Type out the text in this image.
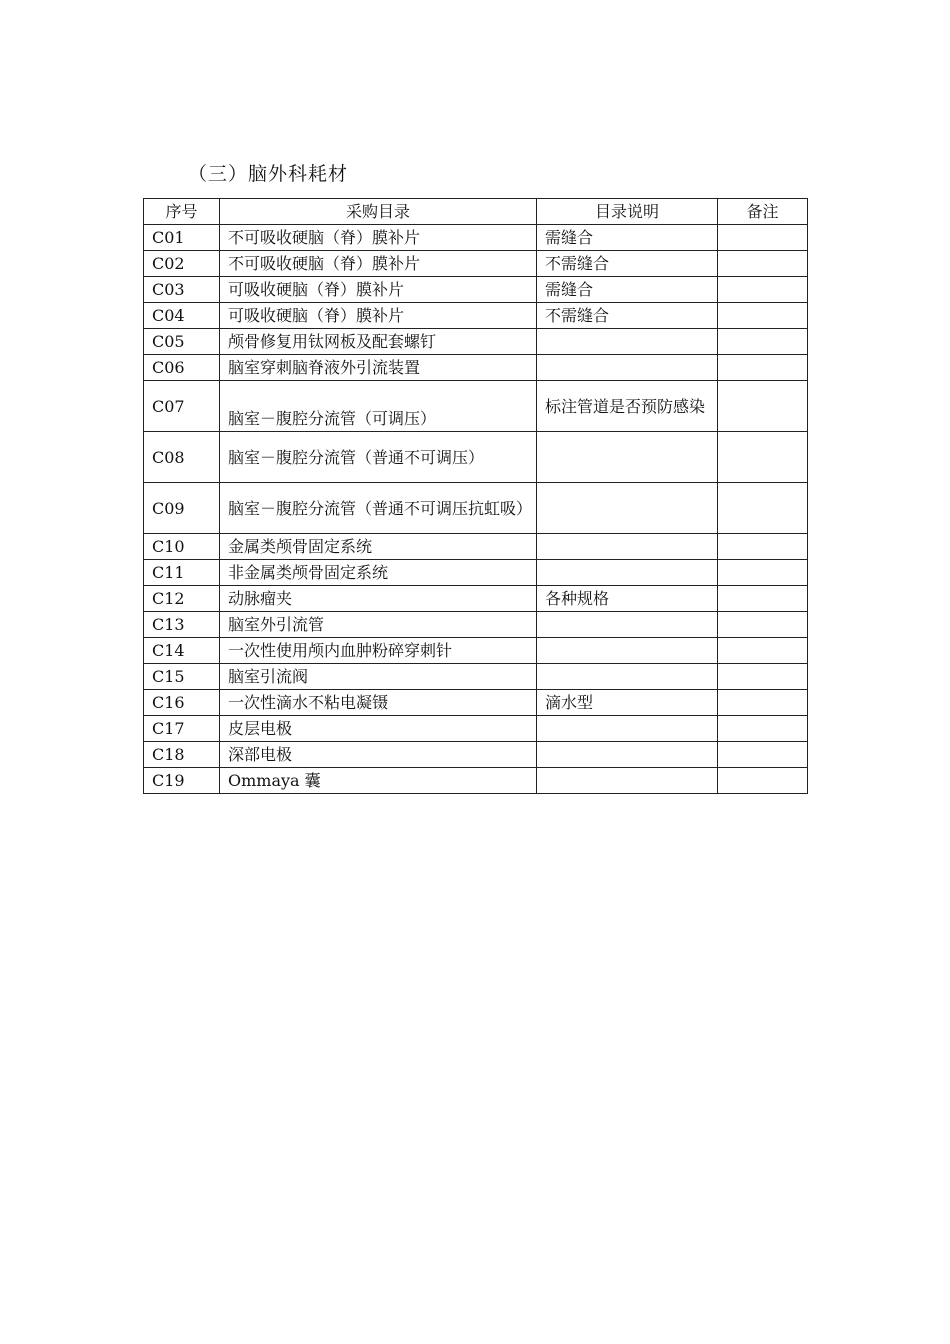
（三）脑外科耗材
序号	采购目录	目录说明	备注
C01	不可吸收硬脑（脊）膜补片	需缝合	
C02	不可吸收硬脑（脊）膜补片	不需缝合	
C03	可吸收硬脑（脊）膜补片	需缝合	
C04	可吸收硬脑（脊）膜补片	不需缝合	
C05	颅骨修复用钛网板及配套螺钉		
C06	脑室穿刺脑脊液外引流装置		
C07	脑室－腹腔分流管（可调压）	标注管道是否预防感染	
C08	脑室－腹腔分流管（普通不可调压）		
C09	脑室－腹腔分流管（普通不可调压抗虹吸）		
C10	金属类颅骨固定系统		
C11	非金属类颅骨固定系统		
C12	动脉瘤夹	各种规格	
C13	脑室外引流管		
C14	一次性使用颅内血肿粉碎穿刺针		
C15	脑室引流阀		
C16	一次性滴水不粘电凝镊	滴水型	
C17	皮层电极		
C18	深部电极		
C19	Ommaya 囊		
